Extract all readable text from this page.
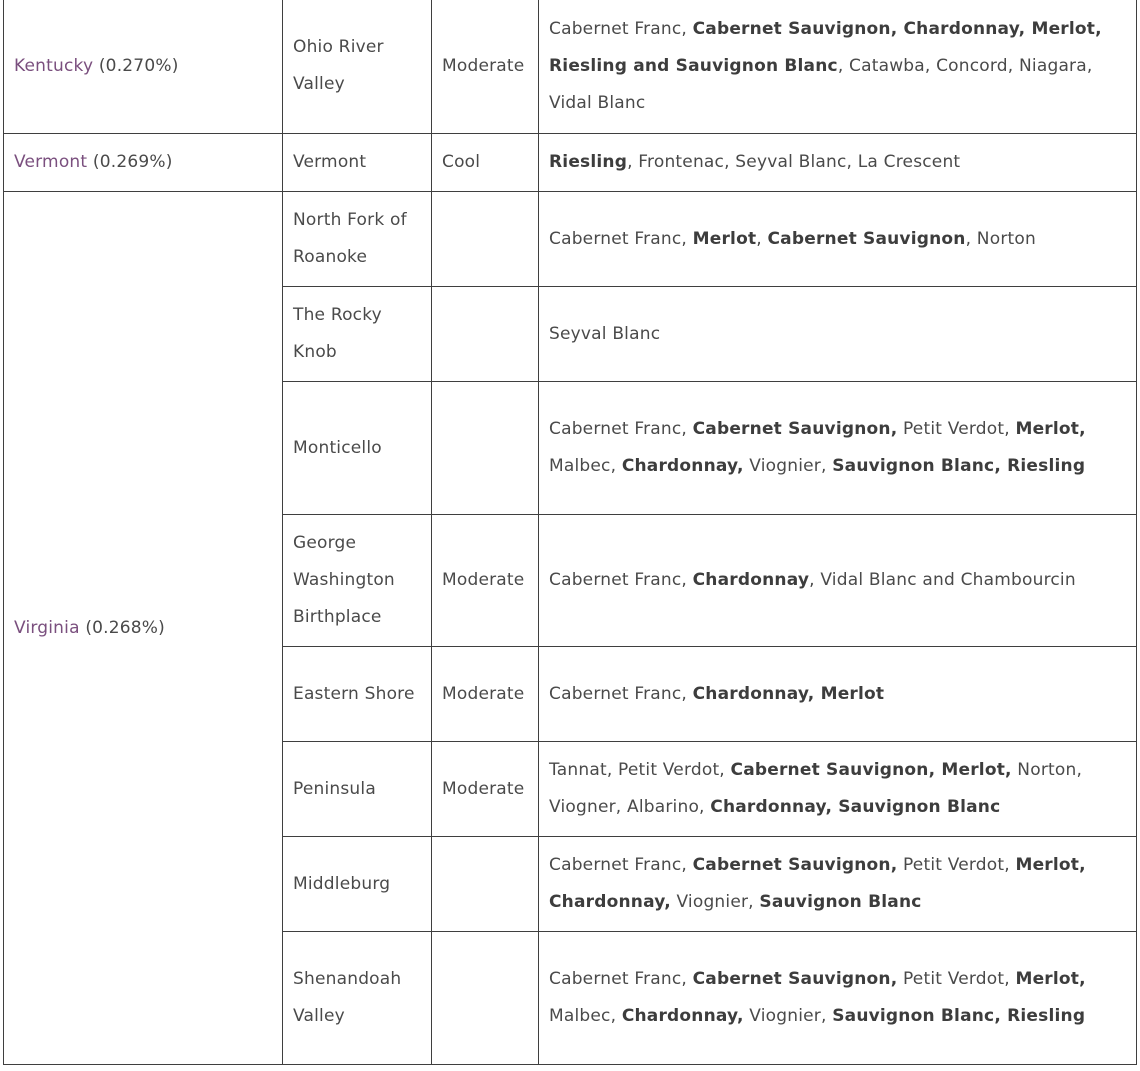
Kentucky (0.270%)	Ohio River Valley	Moderate	Cabernet Franc, Cabernet Sauvignon, Chardonnay, Merlot, Riesling and Sauvignon Blanc, Catawba, Concord, Niagara, Vidal Blanc
Vermont (0.269%)	Vermont	Cool	Riesling, Frontenac, Seyval Blanc, La Crescent
Virginia (0.268%)	North Fork of Roanoke		Cabernet Franc, Merlot, Cabernet Sauvignon, Norton
	The Rocky Knob		Seyval Blanc
	Monticello		Cabernet Franc, Cabernet Sauvignon, Petit Verdot, Merlot, Malbec, Chardonnay, Viognier, Sauvignon Blanc, Riesling
	George Washington Birthplace	Moderate	Cabernet Franc, Chardonnay, Vidal Blanc and Chambourcin
	Eastern Shore	Moderate	Cabernet Franc, Chardonnay, Merlot
	Peninsula	Moderate	Tannat, Petit Verdot, Cabernet Sauvignon, Merlot, Norton, Viogner, Albarino, Chardonnay, Sauvignon Blanc
	Middleburg		Cabernet Franc, Cabernet Sauvignon, Petit Verdot, Merlot, Chardonnay, Viognier, Sauvignon Blanc
	Shenandoah Valley		Cabernet Franc, Cabernet Sauvignon, Petit Verdot, Merlot, Malbec, Chardonnay, Viognier, Sauvignon Blanc, Riesling
